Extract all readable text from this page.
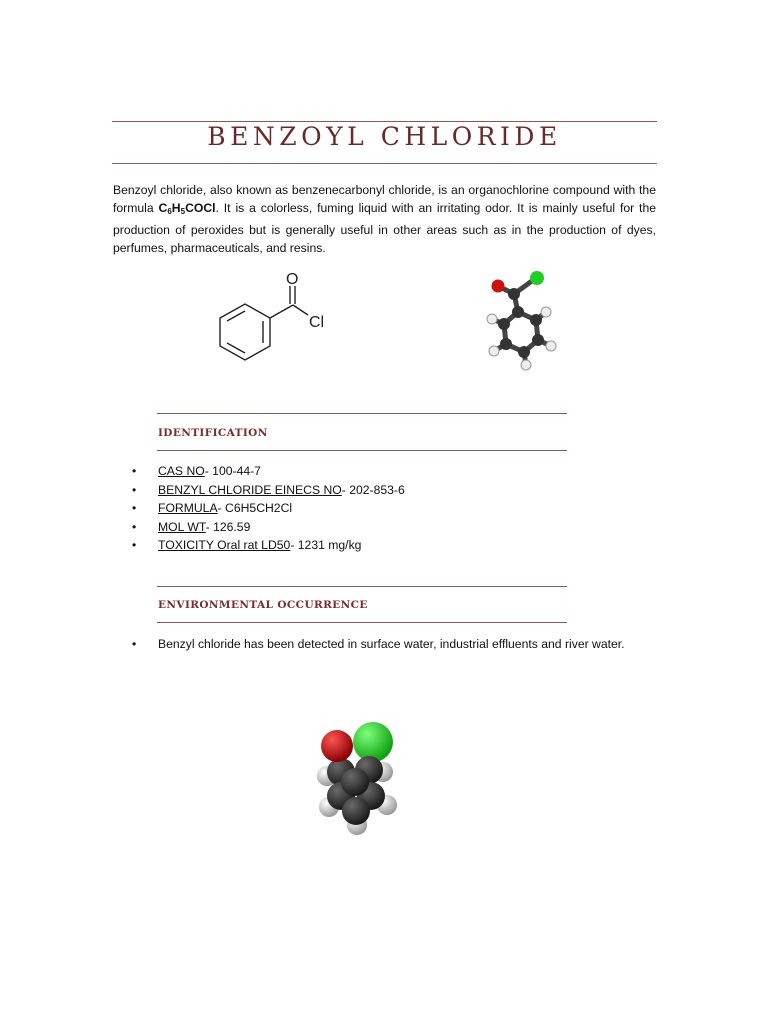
BENZOYL CHLORIDE
Benzoyl chloride, also known as benzenecarbonyl chloride, is an organochlorine compound with the formula $C_6H_5COCl$. It is a colorless, fuming liquid with an irritating odor. It is mainly useful for the production of peroxides but is generally useful in other areas such as in the production of dyes, perfumes, pharmaceuticals, and resins.
O
Cl
IDENTIFICATION
• CAS NO- 100-44-7
• BENZYL CHLORIDE EINECS NO- 202-853-6
• FORMULA- C6H5CH2Cl
• MOL WT- 126.59
• TOXICITY Oral rat LD50- 1231 mg/kg
ENVIRONMENTAL OCCURRENCE
• Benzyl chloride has been detected in surface water, industrial effluents and river water.
